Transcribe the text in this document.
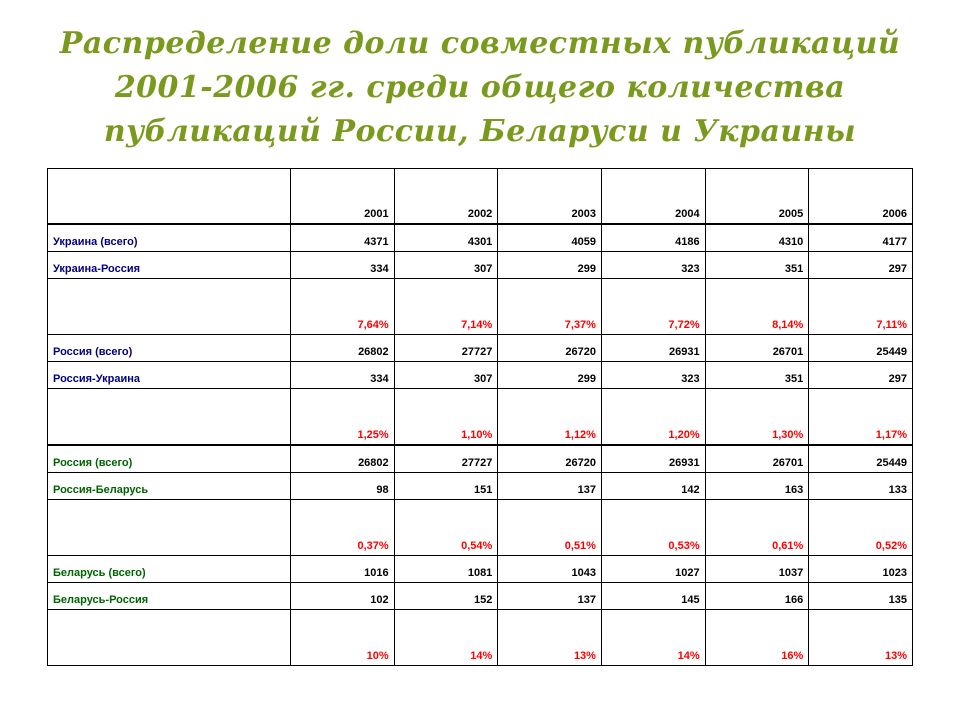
Распределение доли совместных публикаций
2001-2006 гг. среди общего количества
публикаций России, Беларуси и Украины
	2001	2002	2003	2004	2005	2006
Украина (всего)	4371	4301	4059	4186	4310	4177
Украина-Россия	334	307	299	323	351	297
	7,64%	7,14%	7,37%	7,72%	8,14%	7,11%
Россия (всего)	26802	27727	26720	26931	26701	25449
Россия-Украина	334	307	299	323	351	297
	1,25%	1,10%	1,12%	1,20%	1,30%	1,17%
Россия (всего)	26802	27727	26720	26931	26701	25449
Россия-Беларусь	98	151	137	142	163	133
	0,37%	0,54%	0,51%	0,53%	0,61%	0,52%
Беларусь (всего)	1016	1081	1043	1027	1037	1023
Беларусь-Россия	102	152	137	145	166	135
	10%	14%	13%	14%	16%	13%
